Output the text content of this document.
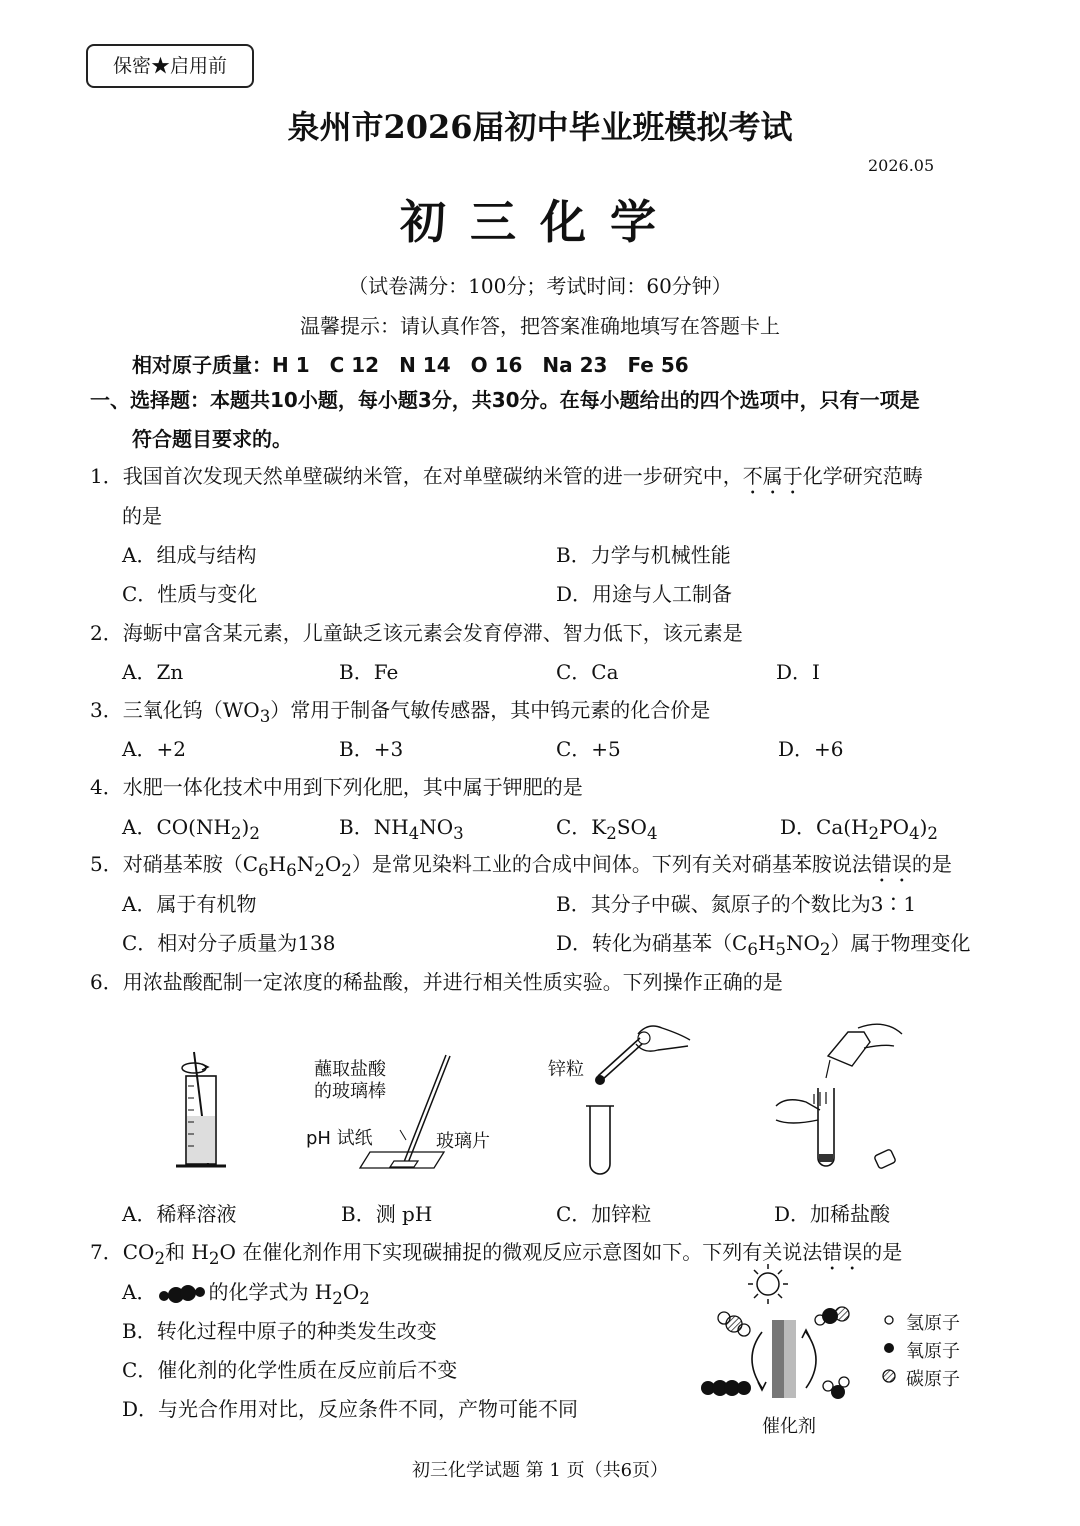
保密★启用前
泉州市2026届初中毕业班模拟考试
2026.05
初三化学
（试卷满分：100分；考试时间：60分钟）
温馨提示：请认真作答，把答案准确地填写在答题卡上
相对原子质量：H 1　C 12　N 14　O 16　Na 23　Fe 56
一、选择题：本题共10小题，每小题3分，共30分。在每小题给出的四个选项中，只有一项是
符合题目要求的。
1．我国首次发现天然单壁碳纳米管，在对单壁碳纳米管的进一步研究中，不属于化学研究范畴
的是
A．组成与结构	B．力学与机械性能
C．性质与变化	D．用途与人工制备
2．海蛎中富含某元素，儿童缺乏该元素会发育停滞、智力低下，该元素是
A．Zn	B．Fe	C．Ca	D．I
3．三氧化钨$(WO_3)$常用于制备气敏传感器，其中钨元素的化合价是
A．+2	B．+3	C．+5	D．+6
4．水肥一体化技术中用到下列化肥，其中属于钾肥的是
A．$CO(NH_2)_2$	B．$NH_4NO_3$	C．$K_2SO_4$	D．$Ca(H_2PO_4)_2$
5．对硝基苯胺$(C_6H_6N_2O_2)$是常见染料工业的合成中间体。下列有关对硝基苯胺说法错误的是
A．属于有机物	B．其分子中碳、氮原子的个数比为3∶1
C．相对分子质量为138	D．转化为硝基苯$(C_6H_5NO_2)$属于物理变化
6．用浓盐酸配制一定浓度的稀盐酸，并进行相关性质实验。下列操作正确的是
蘸取盐酸
的玻璃棒
pH 试纸	玻璃片
锌粒
A．稀释溶液	B．测 pH	C．加锌粒	D．加稀盐酸
7．$CO_2$和 $H_2O$ 在催化剂作用下实现碳捕捉的微观反应示意图如下。下列有关说法错误的是
A．	的化学式为 $H_2O_2$
B．转化过程中原子的种类发生改变
C．催化剂的化学性质在反应前后不变
D．与光合作用对比，反应条件不同，产物可能不同
氢原子
氧原子
碳原子
催化剂
初三化学试题 第 1 页（共6页）
